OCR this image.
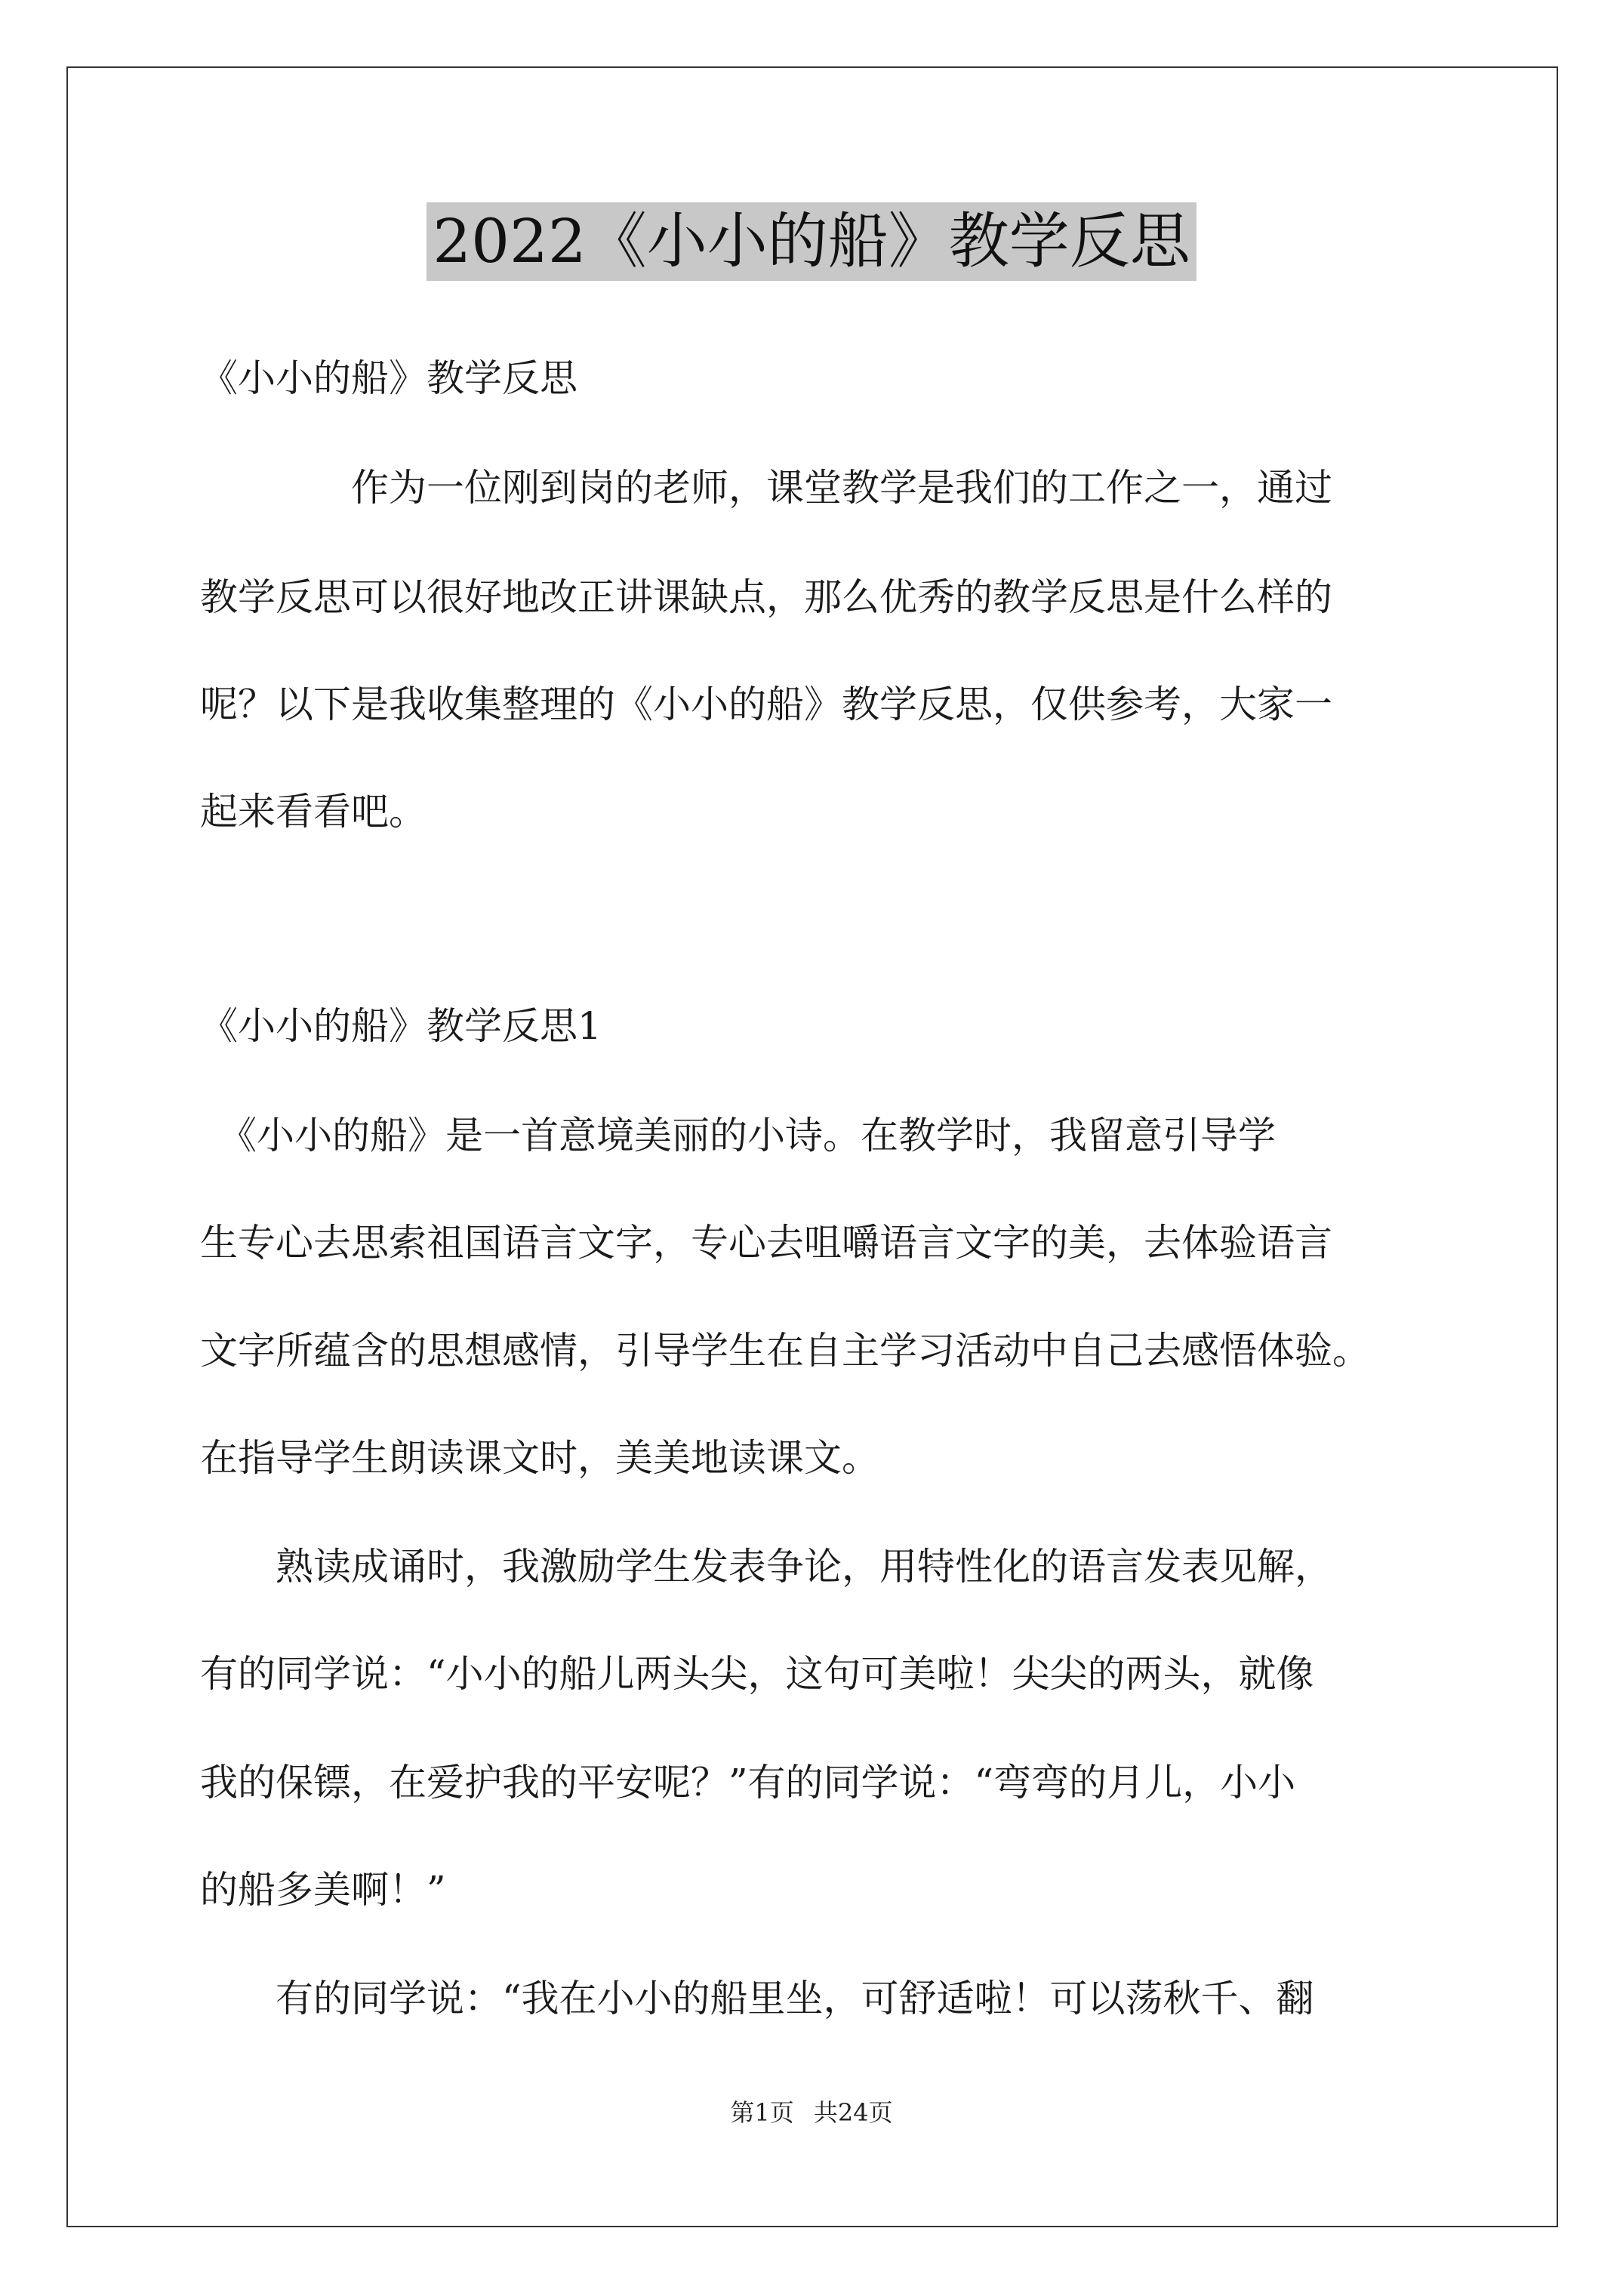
2022《小小的船》教学反思
《小小的船》教学反思
　　　　作为一位刚到岗的老师，课堂教学是我们的工作之一，通过
教学反思可以很好地改正讲课缺点，那么优秀的教学反思是什么样的
呢？以下是我收集整理的《小小的船》教学反思，仅供参考，大家一
起来看看吧。
《小小的船》教学反思1
　《小小的船》是一首意境美丽的小诗。在教学时，我留意引导学
生专心去思索祖国语言文字，专心去咀嚼语言文字的美，去体验语言
文字所蕴含的思想感情，引导学生在自主学习活动中自己去感悟体验。
在指导学生朗读课文时，美美地读课文。
　　熟读成诵时，我激励学生发表争论，用特性化的语言发表见解，
有的同学说：“小小的船儿两头尖，这句可美啦！尖尖的两头，就像
我的保镖，在爱护我的平安呢？”有的同学说：“弯弯的月儿，小小
的船多美啊！”
　　有的同学说：“我在小小的船里坐，可舒适啦！可以荡秋千、翻
第1页 共24页
